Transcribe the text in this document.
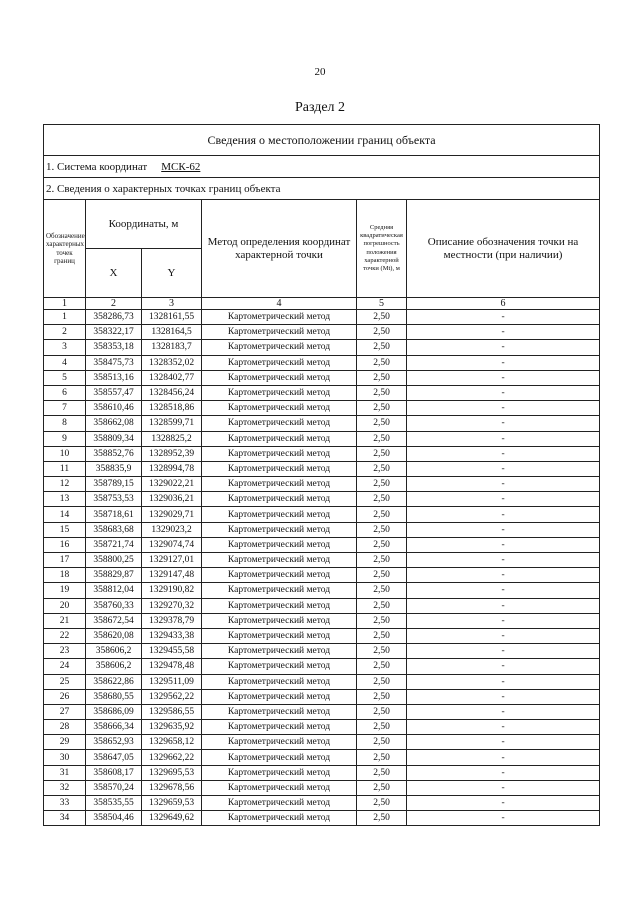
20
Раздел 2
Сведения о местоположении границ объекта					
1. Система координат МСК-62					
2. Сведения о характерных точках границ объекта					
Обозначение характерных точек границ	Координаты, м		Метод определения координат характерной точки	Средняя квадратическая погрешность положения характерной точки (Mt), м	Описание обозначения точки на местности (при наличии)
	X	Y			
1	2	3	4	5	6
1	358286,73	1328161,55	Картометрический метод	2,50	-
2	358322,17	1328164,5	Картометрический метод	2,50	-
3	358353,18	1328183,7	Картометрический метод	2,50	-
4	358475,73	1328352,02	Картометрический метод	2,50	-
5	358513,16	1328402,77	Картометрический метод	2,50	-
6	358557,47	1328456,24	Картометрический метод	2,50	-
7	358610,46	1328518,86	Картометрический метод	2,50	-
8	358662,08	1328599,71	Картометрический метод	2,50	-
9	358809,34	1328825,2	Картометрический метод	2,50	-
10	358852,76	1328952,39	Картометрический метод	2,50	-
11	358835,9	1328994,78	Картометрический метод	2,50	-
12	358789,15	1329022,21	Картометрический метод	2,50	-
13	358753,53	1329036,21	Картометрический метод	2,50	-
14	358718,61	1329029,71	Картометрический метод	2,50	-
15	358683,68	1329023,2	Картометрический метод	2,50	-
16	358721,74	1329074,74	Картометрический метод	2,50	-
17	358800,25	1329127,01	Картометрический метод	2,50	-
18	358829,87	1329147,48	Картометрический метод	2,50	-
19	358812,04	1329190,82	Картометрический метод	2,50	-
20	358760,33	1329270,32	Картометрический метод	2,50	-
21	358672,54	1329378,79	Картометрический метод	2,50	-
22	358620,08	1329433,38	Картометрический метод	2,50	-
23	358606,2	1329455,58	Картометрический метод	2,50	-
24	358606,2	1329478,48	Картометрический метод	2,50	-
25	358622,86	1329511,09	Картометрический метод	2,50	-
26	358680,55	1329562,22	Картометрический метод	2,50	-
27	358686,09	1329586,55	Картометрический метод	2,50	-
28	358666,34	1329635,92	Картометрический метод	2,50	-
29	358652,93	1329658,12	Картометрический метод	2,50	-
30	358647,05	1329662,22	Картометрический метод	2,50	-
31	358608,17	1329695,53	Картометрический метод	2,50	-
32	358570,24	1329678,56	Картометрический метод	2,50	-
33	358535,55	1329659,53	Картометрический метод	2,50	-
34	358504,46	1329649,62	Картометрический метод	2,50	-
